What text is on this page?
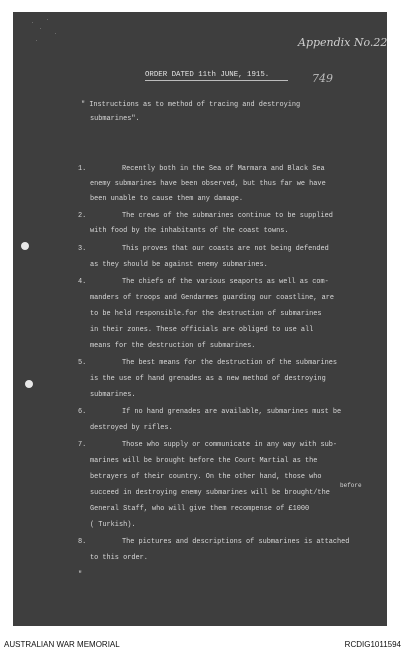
Appendix No.22
ORDER DATED 11th JUNE, 1915.	749
" Instructions as to method of tracing and destroying
submarines".
1.	Recently both in the Sea of Marmara and Black Sea
enemy submarines have been observed, but thus far we have
been unable to cause them any damage.
2.	The crews of the submarines continue to be supplied
with food by the inhabitants of the coast towns.
3.	This proves that our coasts are not being defended
as they should be against enemy submarines.
4.	The chiefs of the various seaports as well as com-
manders of troops and Gendarmes guarding our coastline, are
to be held responsible.for the destruction of submarines
in their zones. These officials are obliged to use all
means for the destruction of submarines.
5.	The best means for the destruction of the submarines
is the use of hand grenades as a new method of destroying
submarines.
6.	If no hand grenades are available, submarines must be
destroyed by rifles.
7.	Those who supply or communicate in any way with sub-
marines will be brought before the Court Martial as the
betrayers of their country. On the other hand, those who
before
succeed in destroying enemy submarines will be brought/the
General Staff, who will give them recompense of £1000
( Turkish).
8.	The pictures and descriptions of submarines is attached
to this order.
"
AUSTRALIAN WAR MEMORIAL	RCDIG1011594
